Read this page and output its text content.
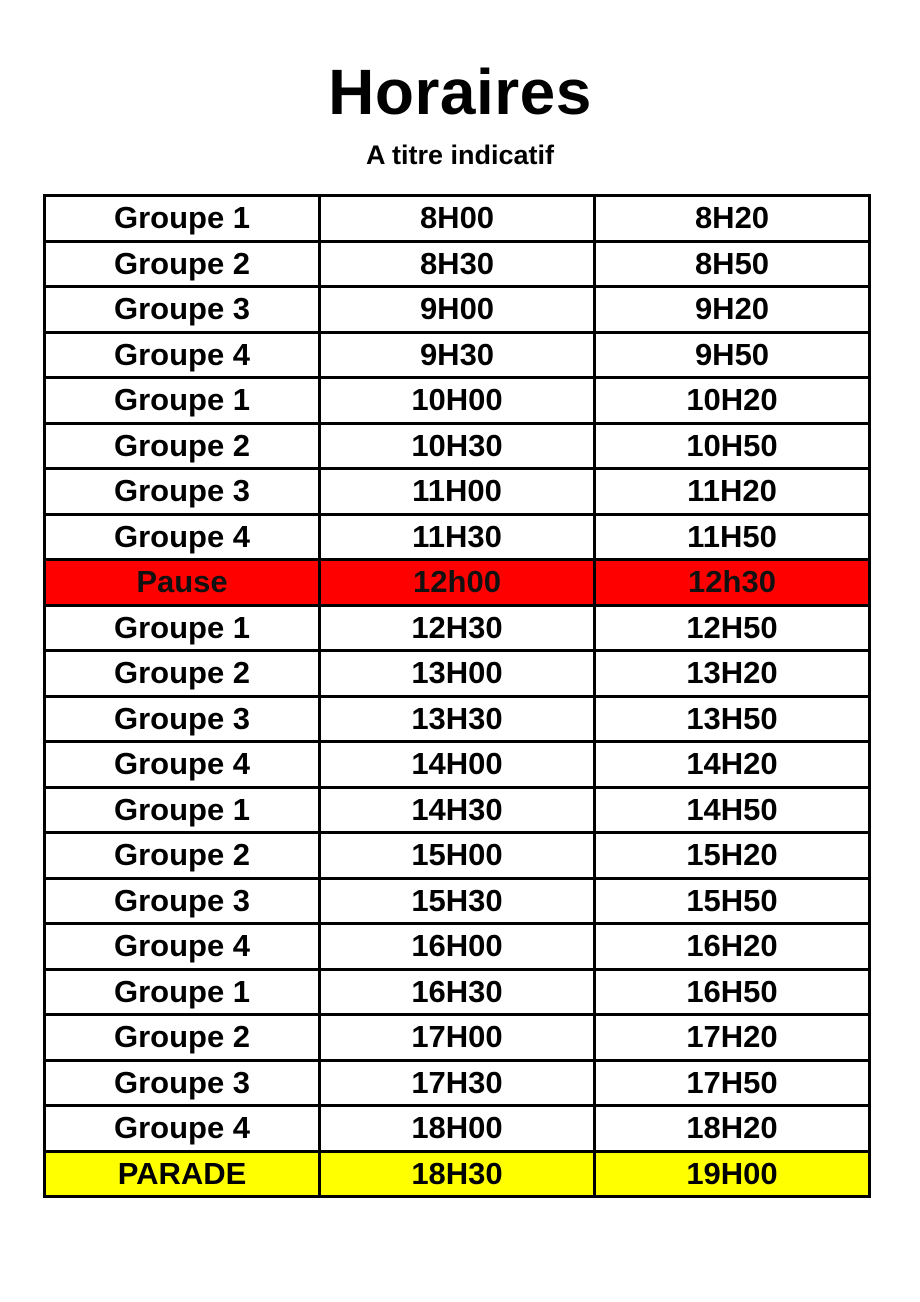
Horaires
A titre indicatif
Groupe 1	8H00	8H20
Groupe 2	8H30	8H50
Groupe 3	9H00	9H20
Groupe 4	9H30	9H50
Groupe 1	10H00	10H20
Groupe 2	10H30	10H50
Groupe 3	11H00	11H20
Groupe 4	11H30	11H50
Pause	12h00	12h30
Groupe 1	12H30	12H50
Groupe 2	13H00	13H20
Groupe 3	13H30	13H50
Groupe 4	14H00	14H20
Groupe 1	14H30	14H50
Groupe 2	15H00	15H20
Groupe 3	15H30	15H50
Groupe 4	16H00	16H20
Groupe 1	16H30	16H50
Groupe 2	17H00	17H20
Groupe 3	17H30	17H50
Groupe 4	18H00	18H20
PARADE	18H30	19H00
